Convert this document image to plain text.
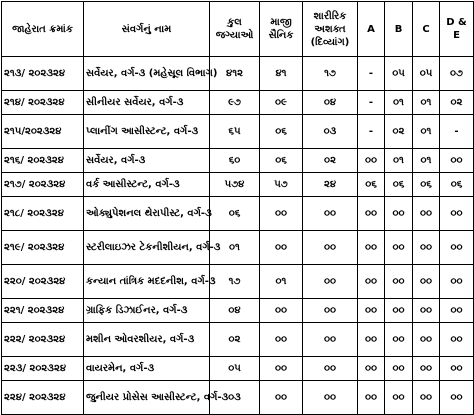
જાહેરાત ક્રમાંક	સંવર્ગનું નામ	કુલ જગ્યાઓ	માજી સૈનિક	શારીરિક અશક્ત (દિવ્યાંગ)	A	B	C	D & E
૨૧૩/ ૨૦૨૩૨૪	સર્વેયર, વર્ગ-૩ (મહેસૂલ વિભાગ)	૪૧૨	૪૧	૧૭	-	૦૫	૦૫	૦૭
૨૧૪/ ૨૦૨૩૨૪	સીનીયર સર્વેયર, વર્ગ-૩	૯૭	૦૯	૦૪	-	૦૧	૦૧	૦૨
૨૧૫/૨૦૨૩૨૪	પ્લાનીંગ આસીસ્ટન્ટ, વર્ગ-૩	૬૫	૦૬	૦૩	-	૦૨	૦૧	-
૨૧૬/ ૨૦૨૩૨૪	સર્વેયર, વર્ગ-૩	૬૦	૦૬	૦૨	૦૦	૦૧	૦૧	૦૦
૨૧૭/ ૨૦૨૩૨૪	વર્ક આસીસ્ટન્ટ, વર્ગ-૩	૫૭૪	૫૭	૨૪	૦૬	૦૬	૦૬	૦૬
૨૧૮/ ૨૦૨૩૨૪	ઓક્યુપેશનલ થેરાપીસ્ટ, વર્ગ-૩	૦૬	૦૦	૦૦	૦૦	૦૦	૦૦	૦૦
૨૧૯/ ૨૦૨૩૨૪	સ્ટરીલાઇઝર ટેકનીશીયન, વર્ગ-૩	૦૧	૦૦	૦૦	૦૦	૦૦	૦૦	૦૦
૨૨૦/ ૨૦૨૩૨૪	કન્યાન તાંત્રિક મદદનીશ, વર્ગ-૩	૧૭	૦૧	૦૦	૦૦	૦૦	૦૦	૦૦
૨૨૧/ ૨૦૨૩૨૪	ગ્રાફિક ડિઝાઈનર, વર્ગ-૩	૦૪	૦૦	૦૦	૦૦	૦૦	૦૦	૦૦
૨૨૨/ ૨૦૨૩૨૪	મશીન ઓવરશીયર, વર્ગ-૩	૦૨	૦૦	૦૦	૦૦	૦૦	૦૦	૦૦
૨૨૩/ ૨૦૨૩૨૪	વાયરમેન, વર્ગ-૩	૦૫	૦૦	૦૦	૦૦	૦૦	૦૦	૦૦
૨૨૪/ ૨૦૨૩૨૪	જુનીયર પ્રોસેસ આસીસ્ટન્ટ, વર્ગ-૩	૦૩	૦૦	૦૦	૦૦	૦૦	૦૦	૦૦
